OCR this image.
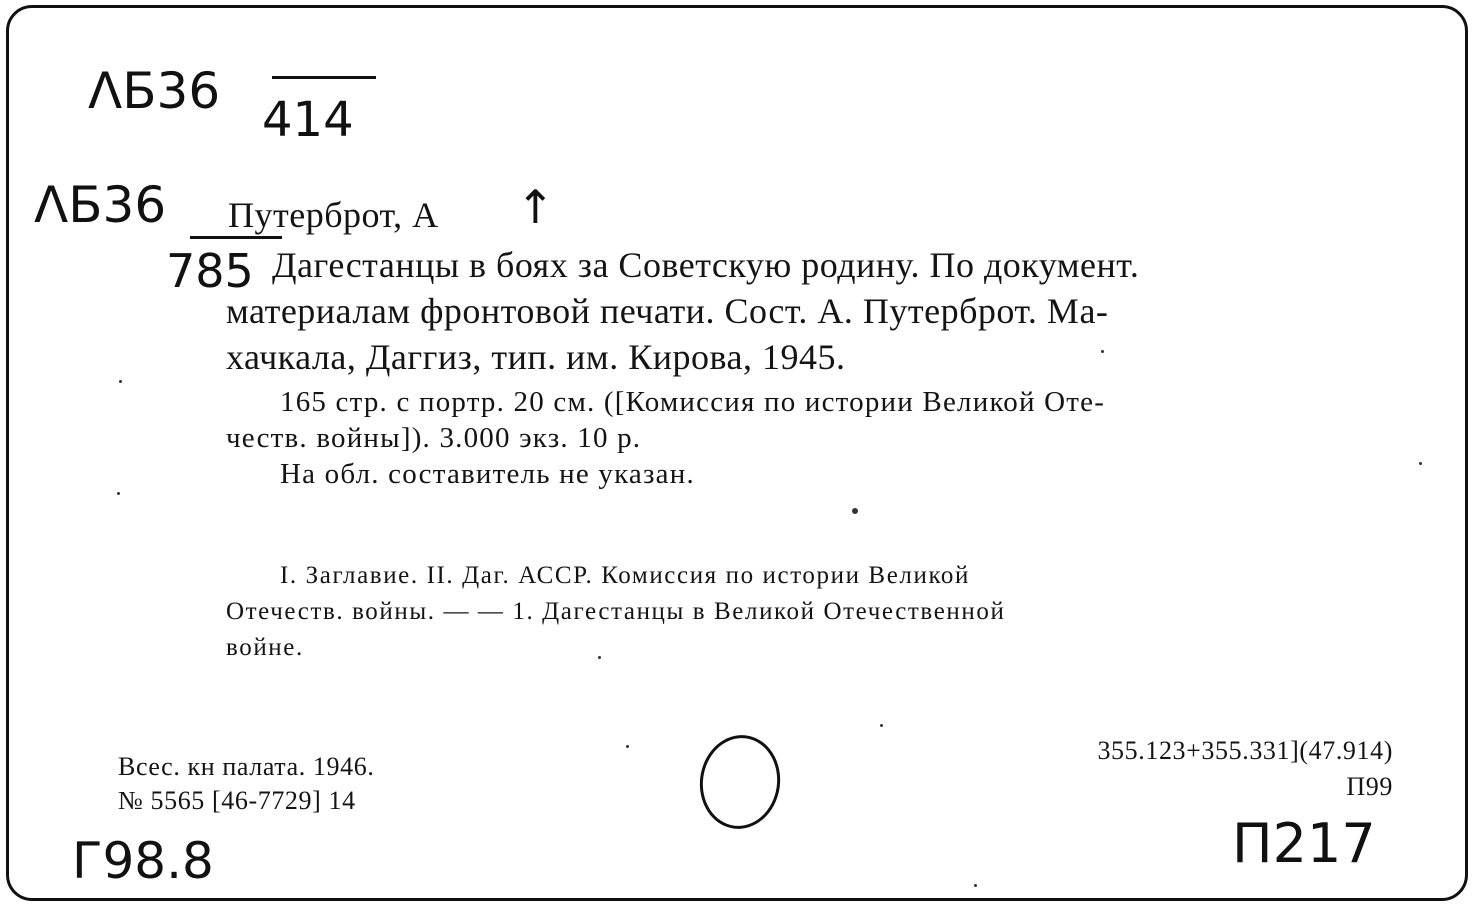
ΛБ36 414
ΛБ36
785
↑
Путерброт, А
Дагестанцы в боях за Советскую родину. По документ.
материалам фронтовой печати. Сост. А. Путерброт. Ма-
хачкала, Даггиз, тип. им. Кирова, 1945.
165 стр. с портр. 20 см. ([Комиссия по истории Великой Оте-
честв. войны]). 3.000 экз. 10 р.
На обл. составитель не указан.
I. Заглавие. II. Даг. АССР. Комиссия по истории Великой
Отечеств. войны. — — 1. Дагестанцы в Великой Отечественной
войне.
Всес. кн палата. 1946.
№ 5565 [46-7729] 14
355.123+355.331](47.914)
П99
Г98.8	П217
